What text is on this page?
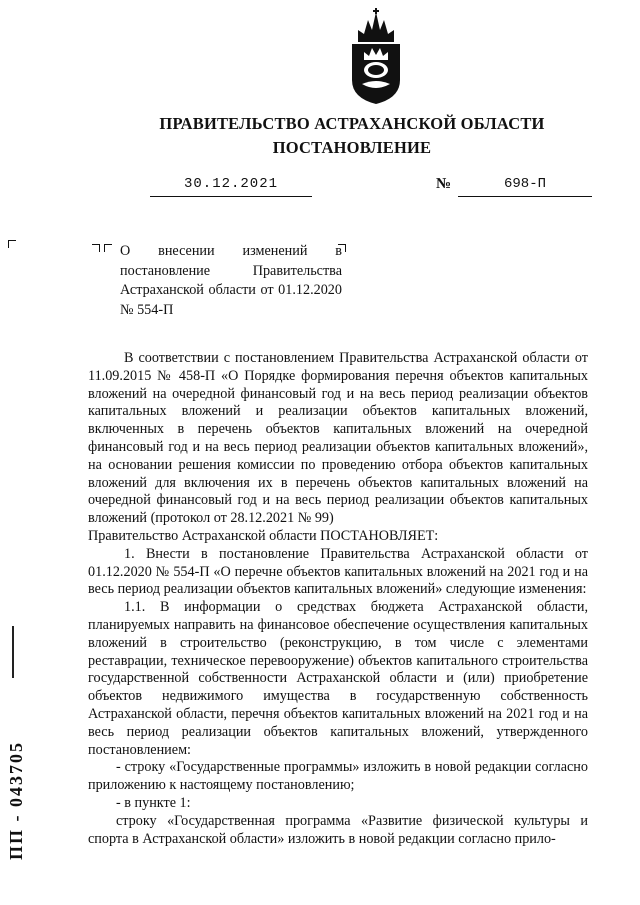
ПРАВИТЕЛЬСТВО АСТРАХАНСКОЙ ОБЛАСТИ
ПОСТАНОВЛЕНИЕ
30.12.2021	№	698-П
О внесении изменений в постановление Правительства Астраханской области от 01.12.2020 № 554-П

В соответствии с постановлением Правительства Астраханской области от 11.09.2015 № 458-П «О Порядке формирования перечня объектов капитальных вложений на очередной финансовый год и на весь период реализации объектов капитальных вложений и реализации объектов капитальных вложений, включенных в перечень объектов капитальных вложений на очередной финансовый год и на весь период реализации объектов капитальных вложений», на основании решения комиссии по проведению отбора объектов капитальных вложений для включения их в перечень объектов капитальных вложений на очередной финансовый год и на весь период реализации объектов капитальных вложений (протокол от 28.12.2021 № 99)

Правительство Астраханской области ПОСТАНОВЛЯЕТ:

1. Внести в постановление Правительства Астраханской области от 01.12.2020 № 554-П «О перечне объектов капитальных вложений на 2021 год и на весь период реализации объектов капитальных вложений» следующие изменения:

1.1. В информации о средствах бюджета Астраханской области, планируемых направить на финансовое обеспечение осуществления капитальных вложений в строительство (реконструкцию, в том числе с элементами реставрации, техническое перевооружение) объектов капитального строительства государственной собственности Астраханской области и (или) приобретение объектов недвижимого имущества в государственную собственность Астраханской области, перечня объектов капитальных вложений на 2021 год и на весь период реализации объектов капитальных вложений, утвержденного постановлением:

- строку «Государственные программы» изложить в новой редакции согласно приложению к настоящему постановлению;

- в пункте 1:

строку «Государственная программа «Развитие физической культуры и спорта в Астраханской области» изложить в новой редакции согласно прило-

ПП - 043705
